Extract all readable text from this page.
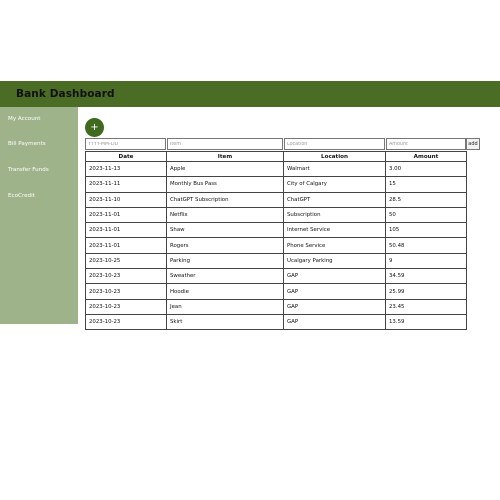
Bank Dashboard
My Account
Bill Payments
Transfer Funds
EcoCredit
+
YYYY-MM-DD
Item
Location
Amount
add
Date	Item	Location	Amount
2023-11-13	Apple	Walmart	3.00
2023-11-11	Monthly Bus Pass	City of Calgary	15
2023-11-10	ChatGPT Subscription	ChatGPT	28.5
2023-11-01	Netflix	Subscription	50
2023-11-01	Shaw	Internet Service	105
2023-11-01	Rogers	Phone Service	50.48
2023-10-25	Parking	Ucalgary Parking	9
2023-10-23	Sweather	GAP	34.59
2023-10-23	Hoodie	GAP	25.99
2023-10-23	Jean	GAP	23.45
2023-10-23	Skirt	GAP	13.59
